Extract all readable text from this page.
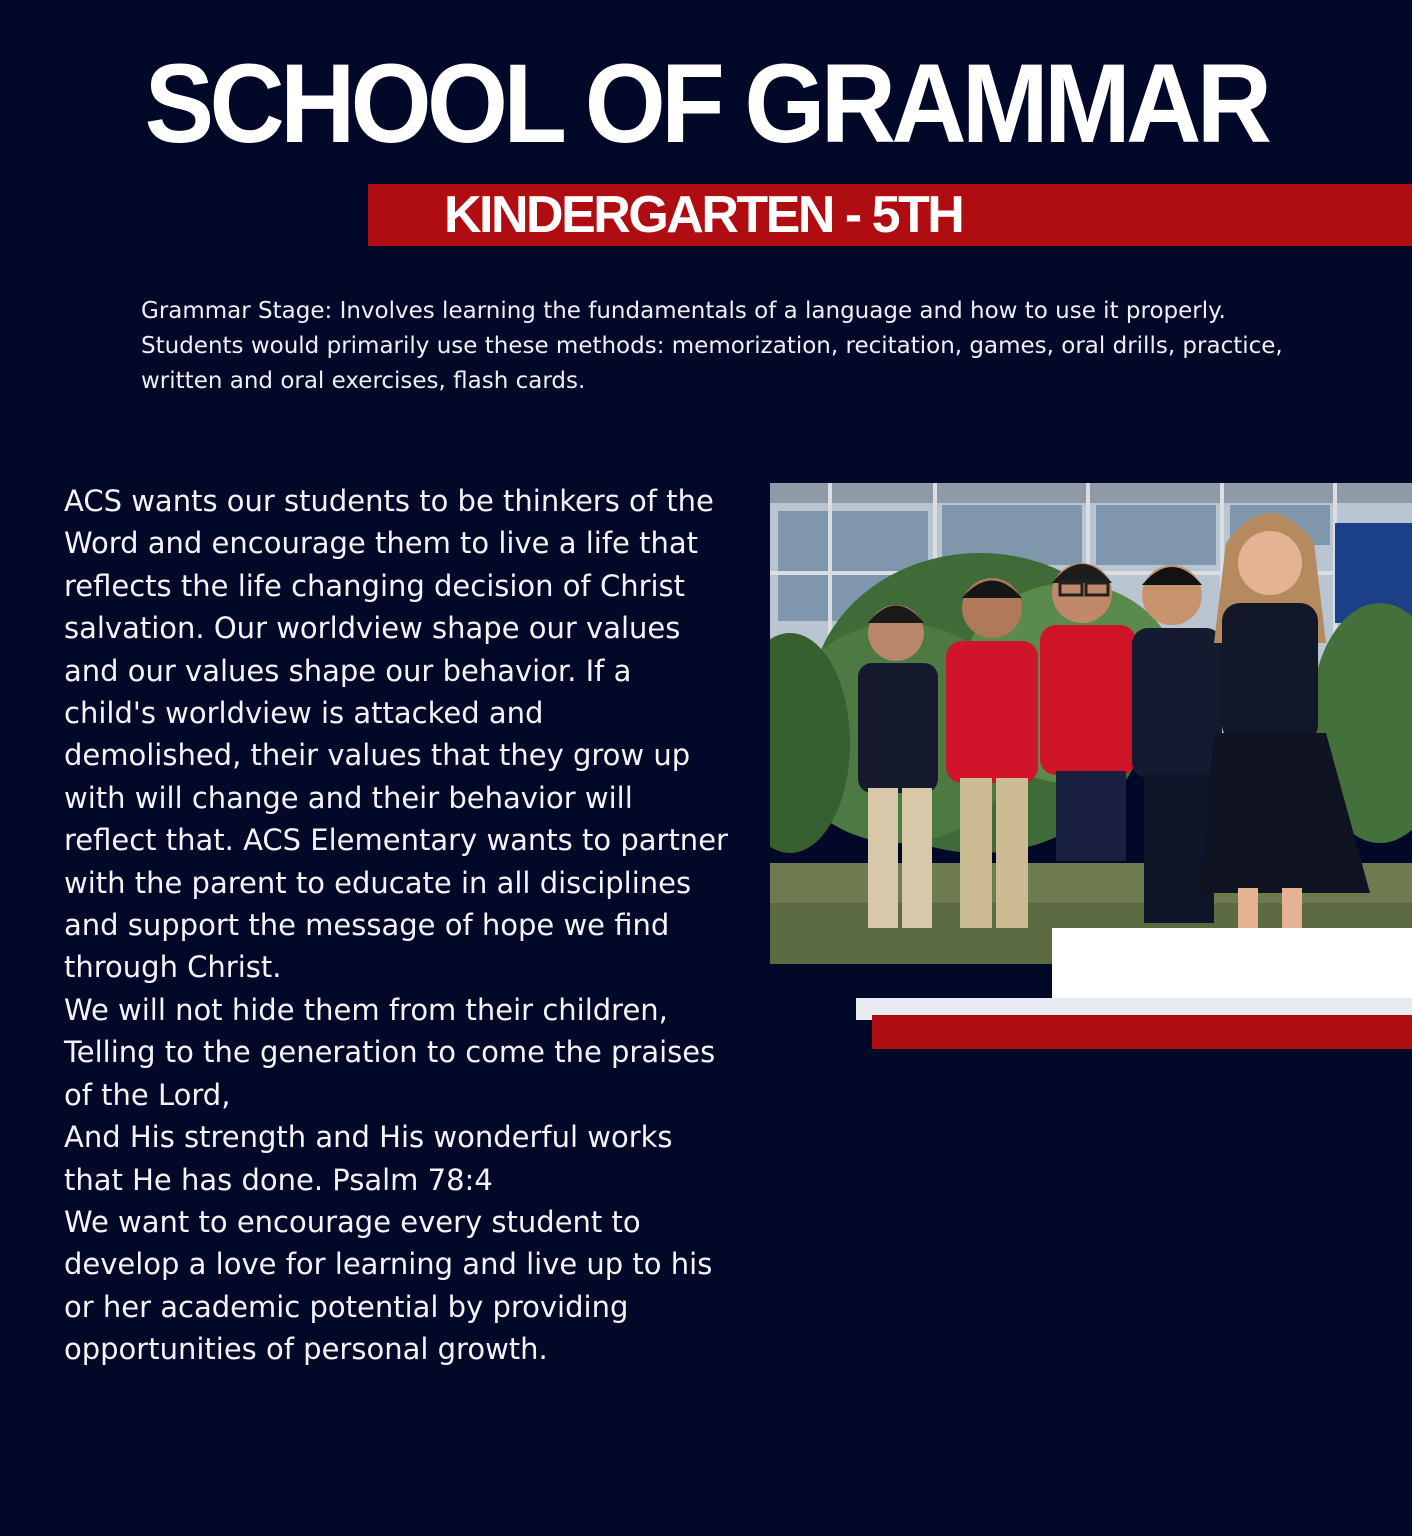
SCHOOL OF GRAMMAR
KINDERGARTEN - 5TH
Grammar Stage: Involves learning the fundamentals of a language and how to use it properly.
Students would primarily use these methods: memorization, recitation, games, oral drills, practice,
written and oral exercises, flash cards.

ACS wants our students to be thinkers of the Word and encourage them to live a life that reflects the life changing decision of Christ salvation. Our worldview shape our values and our values shape our behavior. If a child's worldview is attacked and demolished, their values that they grow up with will change and their behavior will reflect that. ACS Elementary wants to partner with the parent to educate in all disciplines and support the message of hope we find through Christ.

We will not hide them from their children,

Telling to the generation to come the praises of the Lord,

And His strength and His wonderful works that He has done. Psalm 78:4

We want to encourage every student to develop a love for learning and live up to his or her academic potential by providing opportunities of personal growth.
